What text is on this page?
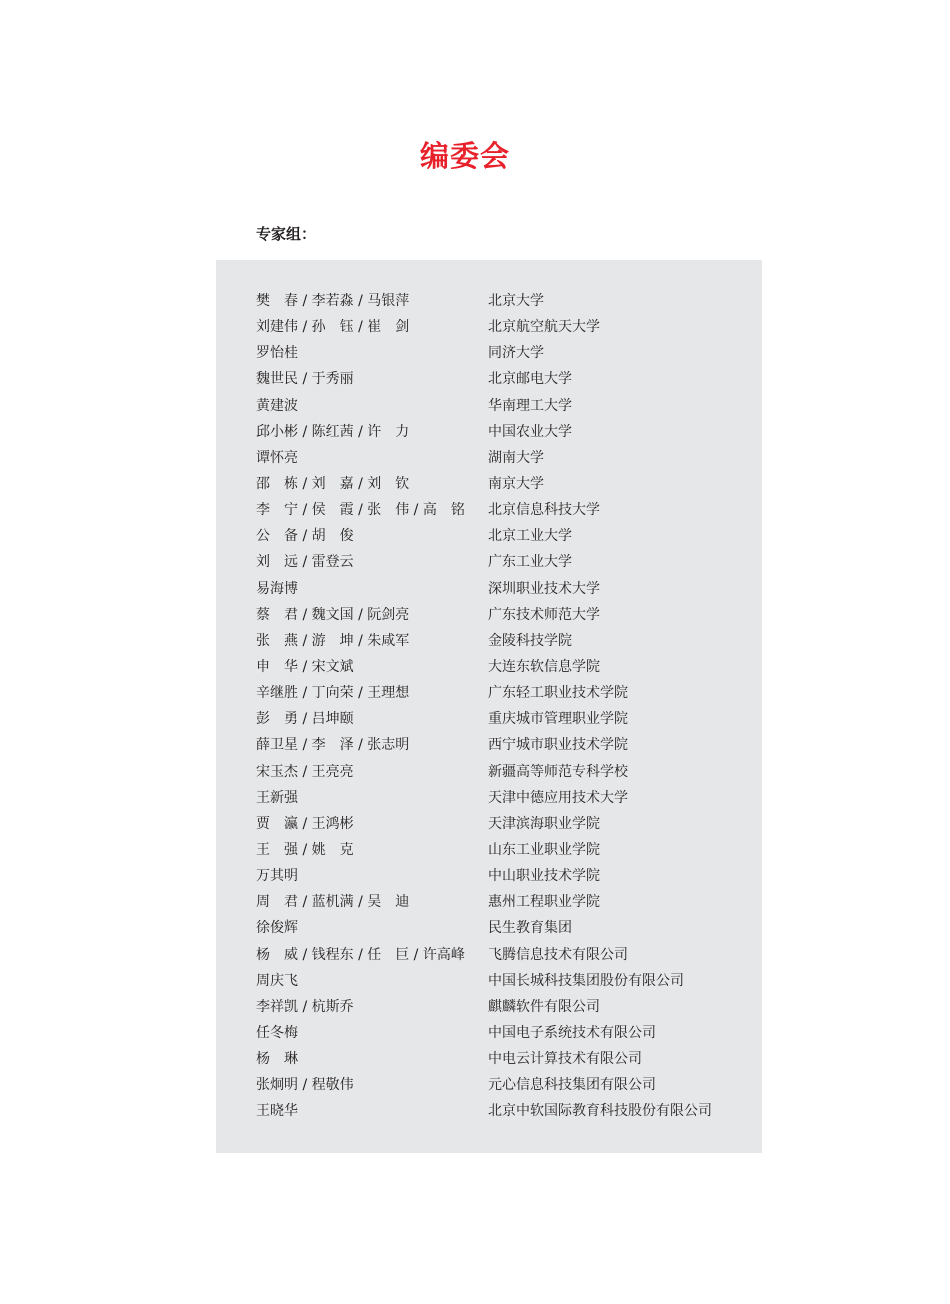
编委会
专家组：
樊　春 / 李若淼 / 马银萍	北京大学
刘建伟 / 孙　钰 / 崔　剑	北京航空航天大学
罗怡桂	同济大学
魏世民 / 于秀丽	北京邮电大学
黄建波	华南理工大学
邱小彬 / 陈红茜 / 许　力	中国农业大学
谭怀亮	湖南大学
邵　栋 / 刘　嘉 / 刘　钦	南京大学
李　宁 / 侯　霞 / 张　伟 / 高　铭	北京信息科技大学
公　备 / 胡　俊	北京工业大学
刘　远 / 雷登云	广东工业大学
易海博	深圳职业技术大学
蔡　君 / 魏文国 / 阮剑亮	广东技术师范大学
张　燕 / 游　坤 / 朱咸军	金陵科技学院
申　华 / 宋文斌	大连东软信息学院
辛继胜 / 丁向荣 / 王理想	广东轻工职业技术学院
彭　勇 / 吕坤颐	重庆城市管理职业学院
薛卫星 / 李　泽 / 张志明	西宁城市职业技术学院
宋玉杰 / 王亮亮	新疆高等师范专科学校
王新强	天津中德应用技术大学
贾　瀛 / 王鸿彬	天津滨海职业学院
王　强 / 姚　克	山东工业职业学院
万其明	中山职业技术学院
周　君 / 蓝机满 / 吴　迪	惠州工程职业学院
徐俊辉	民生教育集团
杨　威 / 钱程东 / 任　巨 / 许高峰	飞腾信息技术有限公司
周庆飞	中国长城科技集团股份有限公司
李祥凯 / 杭斯乔	麒麟软件有限公司
任冬梅	中国电子系统技术有限公司
杨　琳	中电云计算技术有限公司
张炯明 / 程敬伟	元心信息科技集团有限公司
王晓华	北京中软国际教育科技股份有限公司
